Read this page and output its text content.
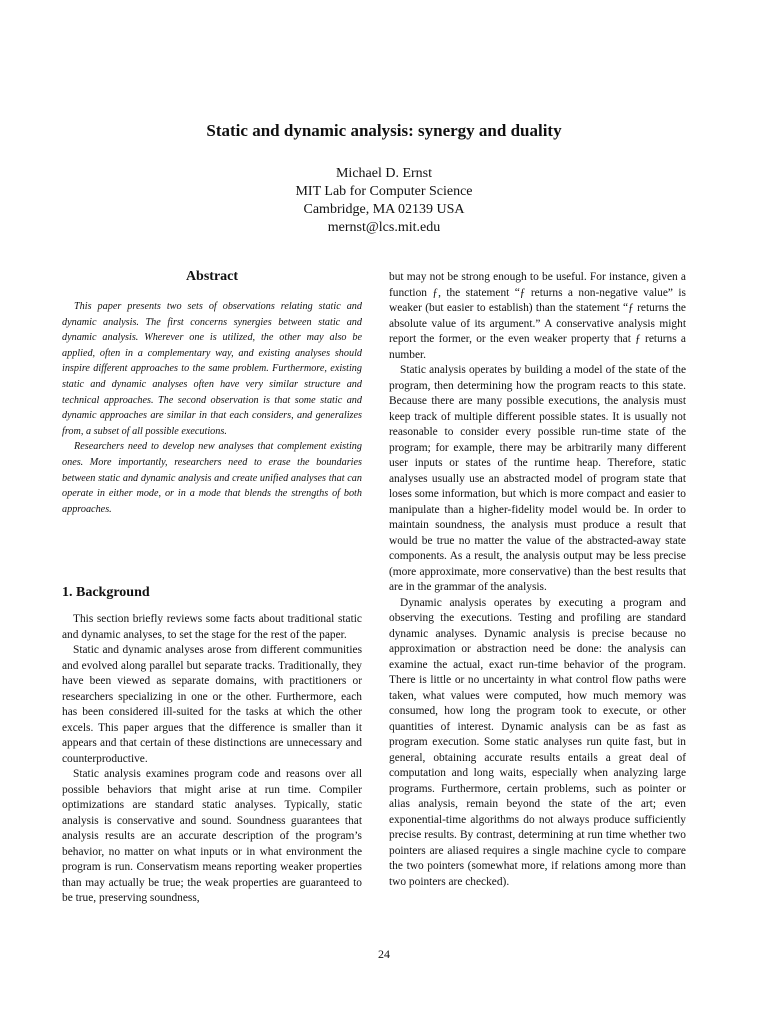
Static and dynamic analysis: synergy and duality
Michael D. Ernst
MIT Lab for Computer Science
Cambridge, MA 02139 USA
mernst@lcs.mit.edu
Abstract

This paper presents two sets of observations relating static and dynamic analysis. The first concerns synergies between static and dynamic analysis. Wherever one is utilized, the other may also be applied, often in a complementary way, and existing analyses should inspire different approaches to the same problem. Furthermore, existing static and dynamic analyses often have very similar structure and technical approaches. The second observation is that some static and dynamic approaches are similar in that each considers, and generalizes from, a subset of all possible executions.

Researchers need to develop new analyses that complement existing ones. More importantly, researchers need to erase the boundaries between static and dynamic analysis and create unified analyses that can operate in either mode, or in a mode that blends the strengths of both approaches.

1. Background

This section briefly reviews some facts about traditional static and dynamic analyses, to set the stage for the rest of the paper.

Static and dynamic analyses arose from different communities and evolved along parallel but separate tracks. Traditionally, they have been viewed as separate domains, with practitioners or researchers specializing in one or the other. Furthermore, each has been considered ill-suited for the tasks at which the other excels. This paper argues that the difference is smaller than it appears and that certain of these distinctions are unnecessary and counterproductive.

Static analysis examines program code and reasons over all possible behaviors that might arise at run time. Compiler optimizations are standard static analyses. Typically, static analysis is conservative and sound. Soundness guarantees that analysis results are an accurate description of the program’s behavior, no matter on what inputs or in what environment the program is run. Conservatism means reporting weaker properties than may actually be true; the weak properties are guaranteed to be true, preserving soundness,

but may not be strong enough to be useful. For instance, given a function ƒ, the statement “ƒ returns a non-negative value” is weaker (but easier to establish) than the statement “ƒ returns the absolute value of its argument.” A conservative analysis might report the former, or the even weaker property that ƒ returns a number.

Static analysis operates by building a model of the state of the program, then determining how the program reacts to this state. Because there are many possible executions, the analysis must keep track of multiple different possible states. It is usually not reasonable to consider every possible run-time state of the program; for example, there may be arbitrarily many different user inputs or states of the runtime heap. Therefore, static analyses usually use an abstracted model of program state that loses some information, but which is more compact and easier to manipulate than a higher-fidelity model would be. In order to maintain soundness, the analysis must produce a result that would be true no matter the value of the abstracted-away state components. As a result, the analysis output may be less precise (more approximate, more conservative) than the best results that are in the grammar of the analysis.

Dynamic analysis operates by executing a program and observing the executions. Testing and profiling are standard dynamic analyses. Dynamic analysis is precise because no approximation or abstraction need be done: the analysis can examine the actual, exact run-time behavior of the program. There is little or no uncertainty in what control flow paths were taken, what values were computed, how much memory was consumed, how long the program took to execute, or other quantities of interest. Dynamic analysis can be as fast as program execution. Some static analyses run quite fast, but in general, obtaining accurate results entails a great deal of computation and long waits, especially when analyzing large programs. Furthermore, certain problems, such as pointer or alias analysis, remain beyond the state of the art; even exponential-time algorithms do not always produce sufficiently precise results. By contrast, determining at run time whether two pointers are aliased requires a single machine cycle to compare the two pointers (somewhat more, if relations among more than two pointers are checked).

24
